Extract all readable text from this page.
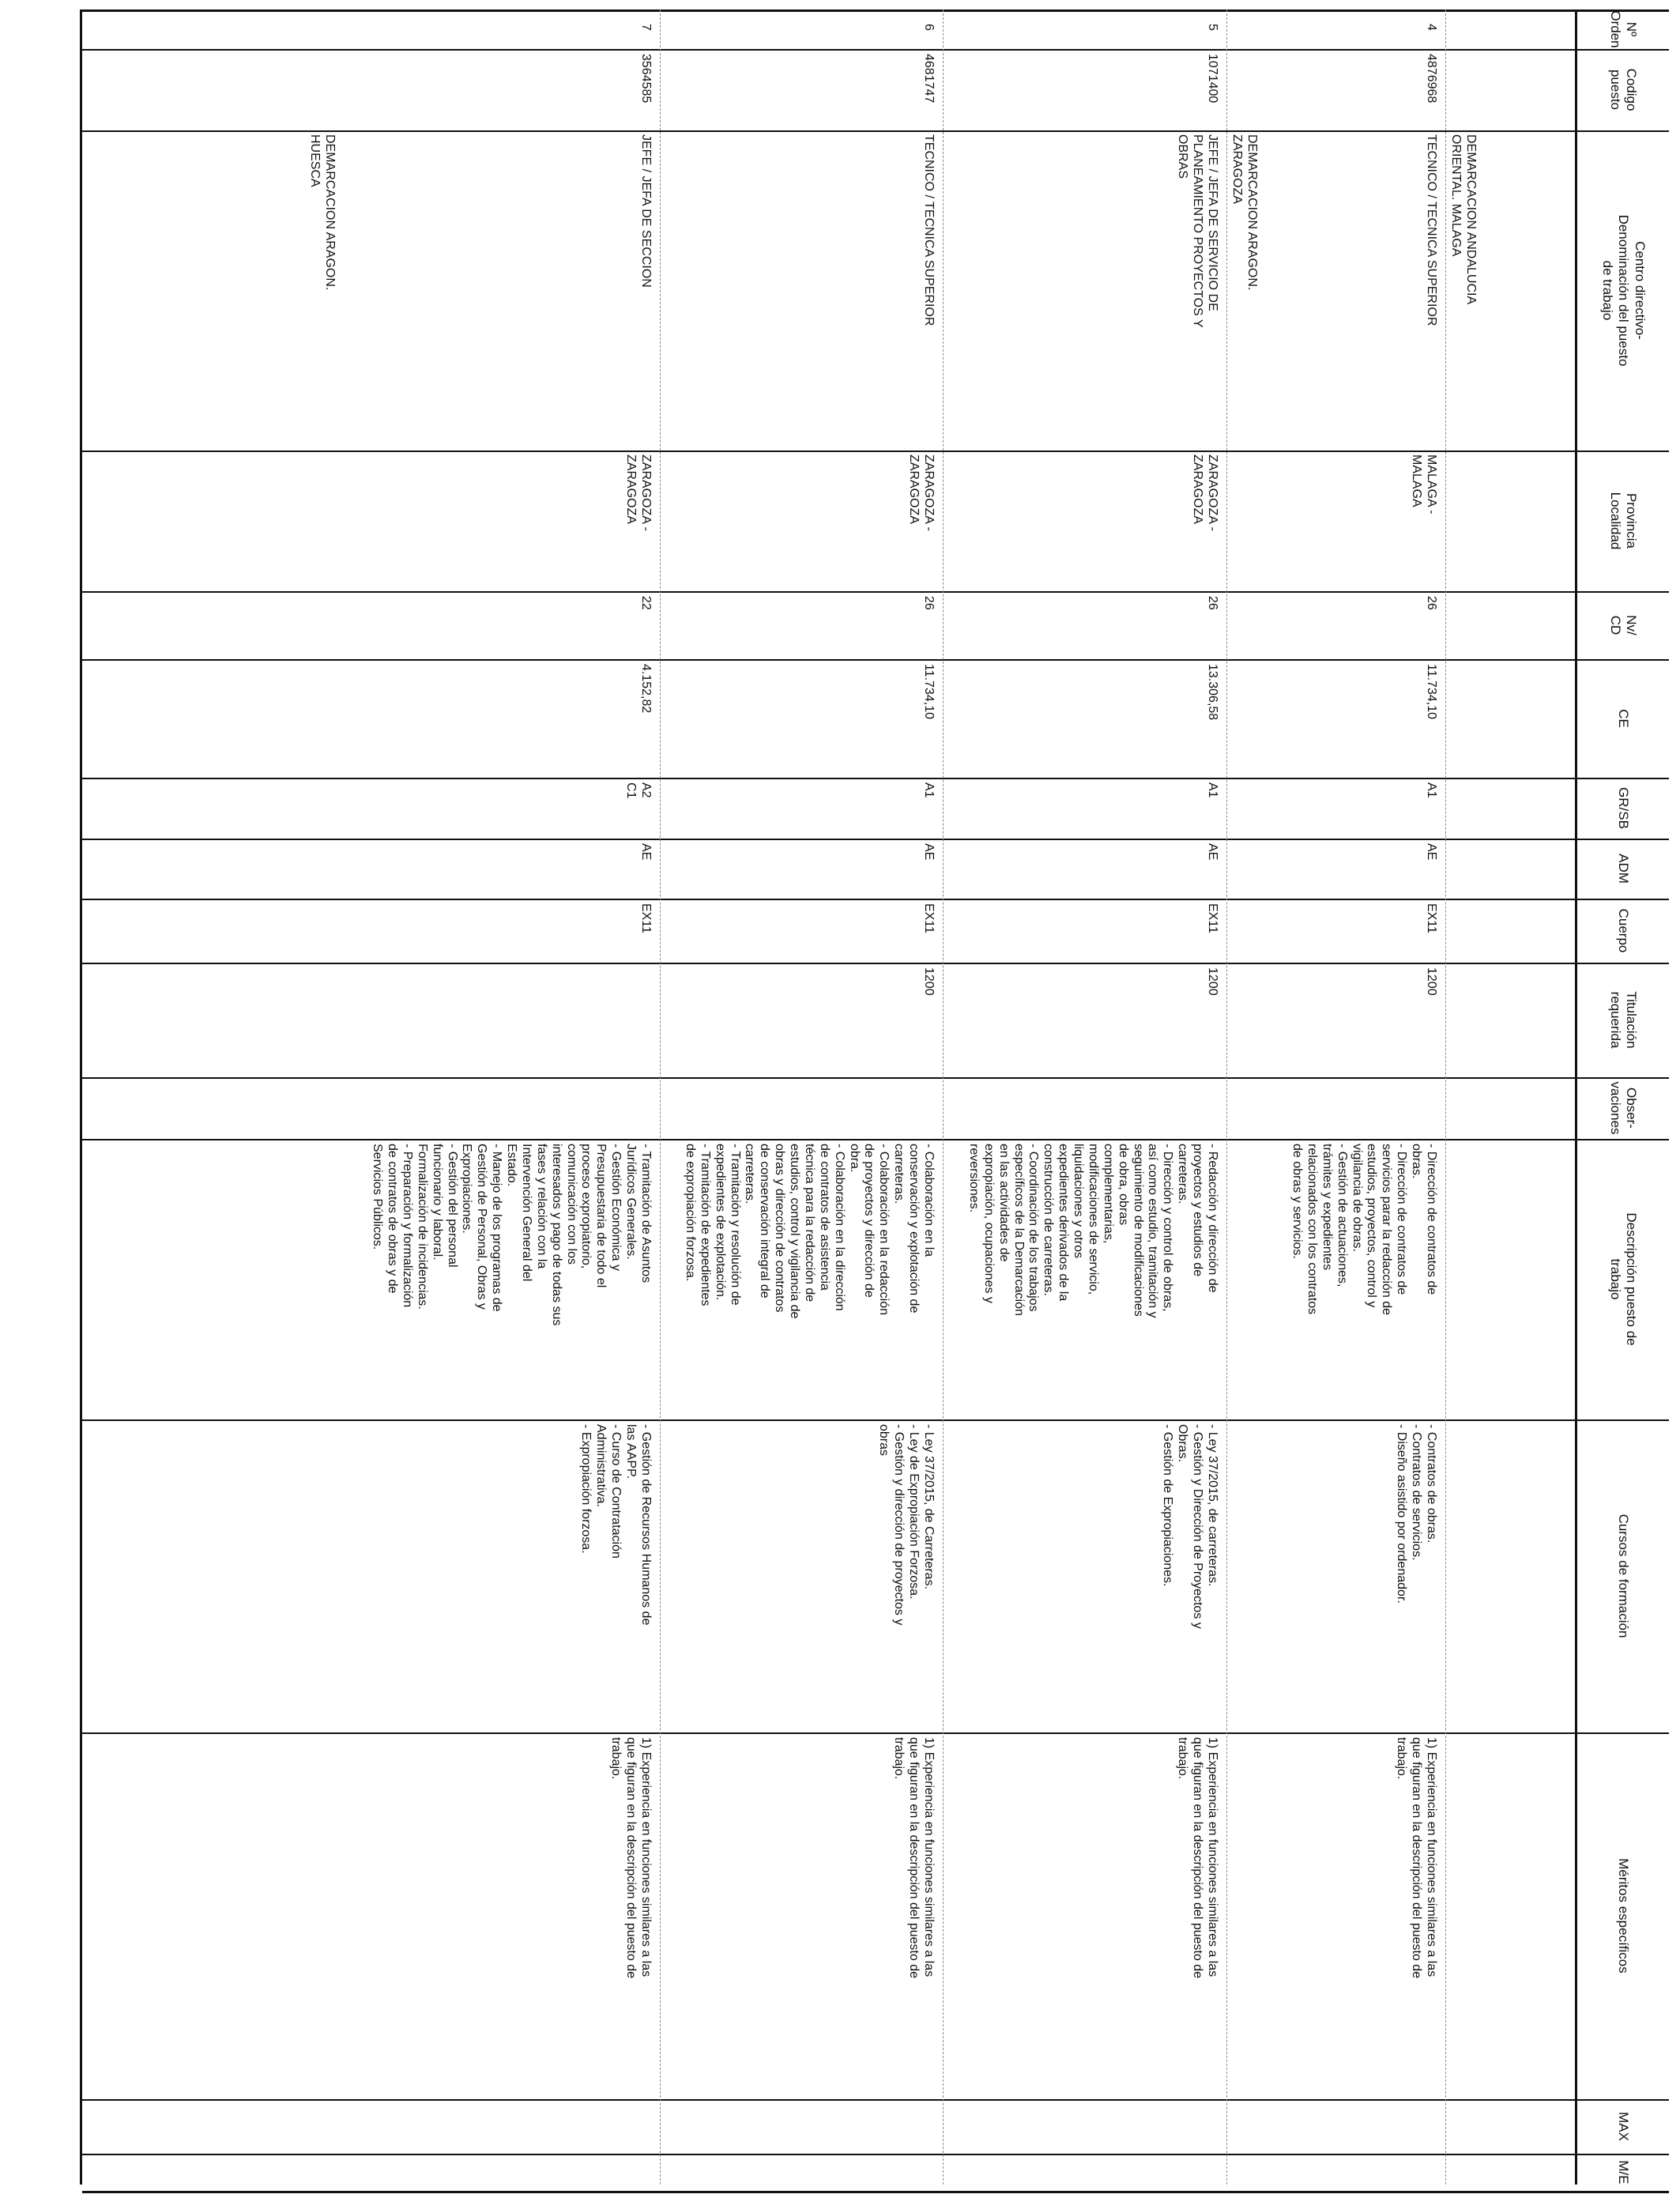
Nº
Orden
Codigo
puesto
Centro directivo-
Denominación del puesto
de trabajo
Provincia
Localidad
Nv/
CD
CE
GR/SB
ADM
Cuerpo
Titulación
requerida
Obser-
vaciones
Descripción puesto de
trabajo
Cursos de formación
Méritos específicos
MAX
M/E
DEMARCACION ANDALUCIA
ORIENTAL. MALAGA
DEMARCACION ARAGON.
ZARAGOZA
DEMARCACION ARAGON.
HUESCA
4
4876968
TECNICO / TECNICA SUPERIOR
MALAGA -
MALAGA
26
11.734,10
A1
AE
EX11
1200
- Dirección de contratos de
obras.
- Dirección de contratos de
servicios parar la redacción de
estudios, proyectos, control y
vigilancia de obras.
- Gestión de actuaciones,
trámites y expedientes
relacionados con los contratos
de obras y servicios.
- Contratos de obras.
- Contratos de servicios.
- Diseño asistido por ordenador.
1) Experiencia en funciones similares a las
que figuran en la descripción del puesto de
trabajo.
5
1071400
JEFE / JEFA DE SERVICIO DE
PLANEAMIENTO PROYECTOS Y
OBRAS
ZARAGOZA -
ZARAGOZA
26
13.306,58
A1
AE
EX11
1200
- Redacción y dirección de
proyectos y estudios de
carreteras.
- Dirección y control de obras,
así como estudio, tramitación y
seguimiento de modificaciones
de obra, obras
complementarias,
modificaciones de servicio,
liquidaciones y otros
expedientes derivados de la
construcción de carreteras.
- Coordinación de los trabajos
específicos de la Demarcación
en las actividades de
expropiación, ocupaciones y
reversiones.
- Ley 37/2015, de carreteras.
- Gestión y Dirección de Proyectos y
Obras.
- Gestión de Expropiaciones.
1) Experiencia en funciones similares a las
que figuran en la descripción del puesto de
trabajo.
6
4681747
TECNICO / TECNICA SUPERIOR
ZARAGOZA -
ZARAGOZA
26
11.734,10
A1
AE
EX11
1200
- Colaboración en la
conservación y explotación de
carreteras.
- Colaboración en la redacción
de proyectos y dirección de
obra.
- Colaboración en la dirección
de contratos de asistencia
técnica para la redacción de
estudios, control y vigilancia de
obras y dirección de contratos
de conservación integral de
carreteras.
- Tramitación y resolución de
expedientes de explotación.
- Tramitación de expedientes
de expropiación forzosa.
- Ley 37/2015, de Carreteras.
- Ley de Expropiación Forzosa.
- Gestión y dirección de proyectos y
obras
1) Experiencia en funciones similares a las
que figuran en la descripción del puesto de
trabajo.
7
3564585
JEFE / JEFA DE SECCION
ZARAGOZA -
ZARAGOZA
22
4.152,82
A2
C1
AE
EX11
- Tramitación de Asuntos
Jurídicos Generales.
- Gestión Económica y
Presupuestaria de todo el
proceso expropiatorio,
comunicación con los
interesados y pago de todas sus
fases y relación con la
Intervención General del
Estado.
- Manejo de los programas de
Gestión de Personal, Obras y
Expropiaciones.
- Gestión del personal
funcionario y laboral.
Formalización de incidencias.
- Preparación y formalización
de contratos de obras y de
Servicios Públicos.
- Gestión de Recursos Humanos de
las AAPP.
- Curso de Contratación
Administrativa.
- Expropiación forzosa.
1) Experiencia en funciones similares a las
que figuran en la descripción del puesto de
trabajo.
